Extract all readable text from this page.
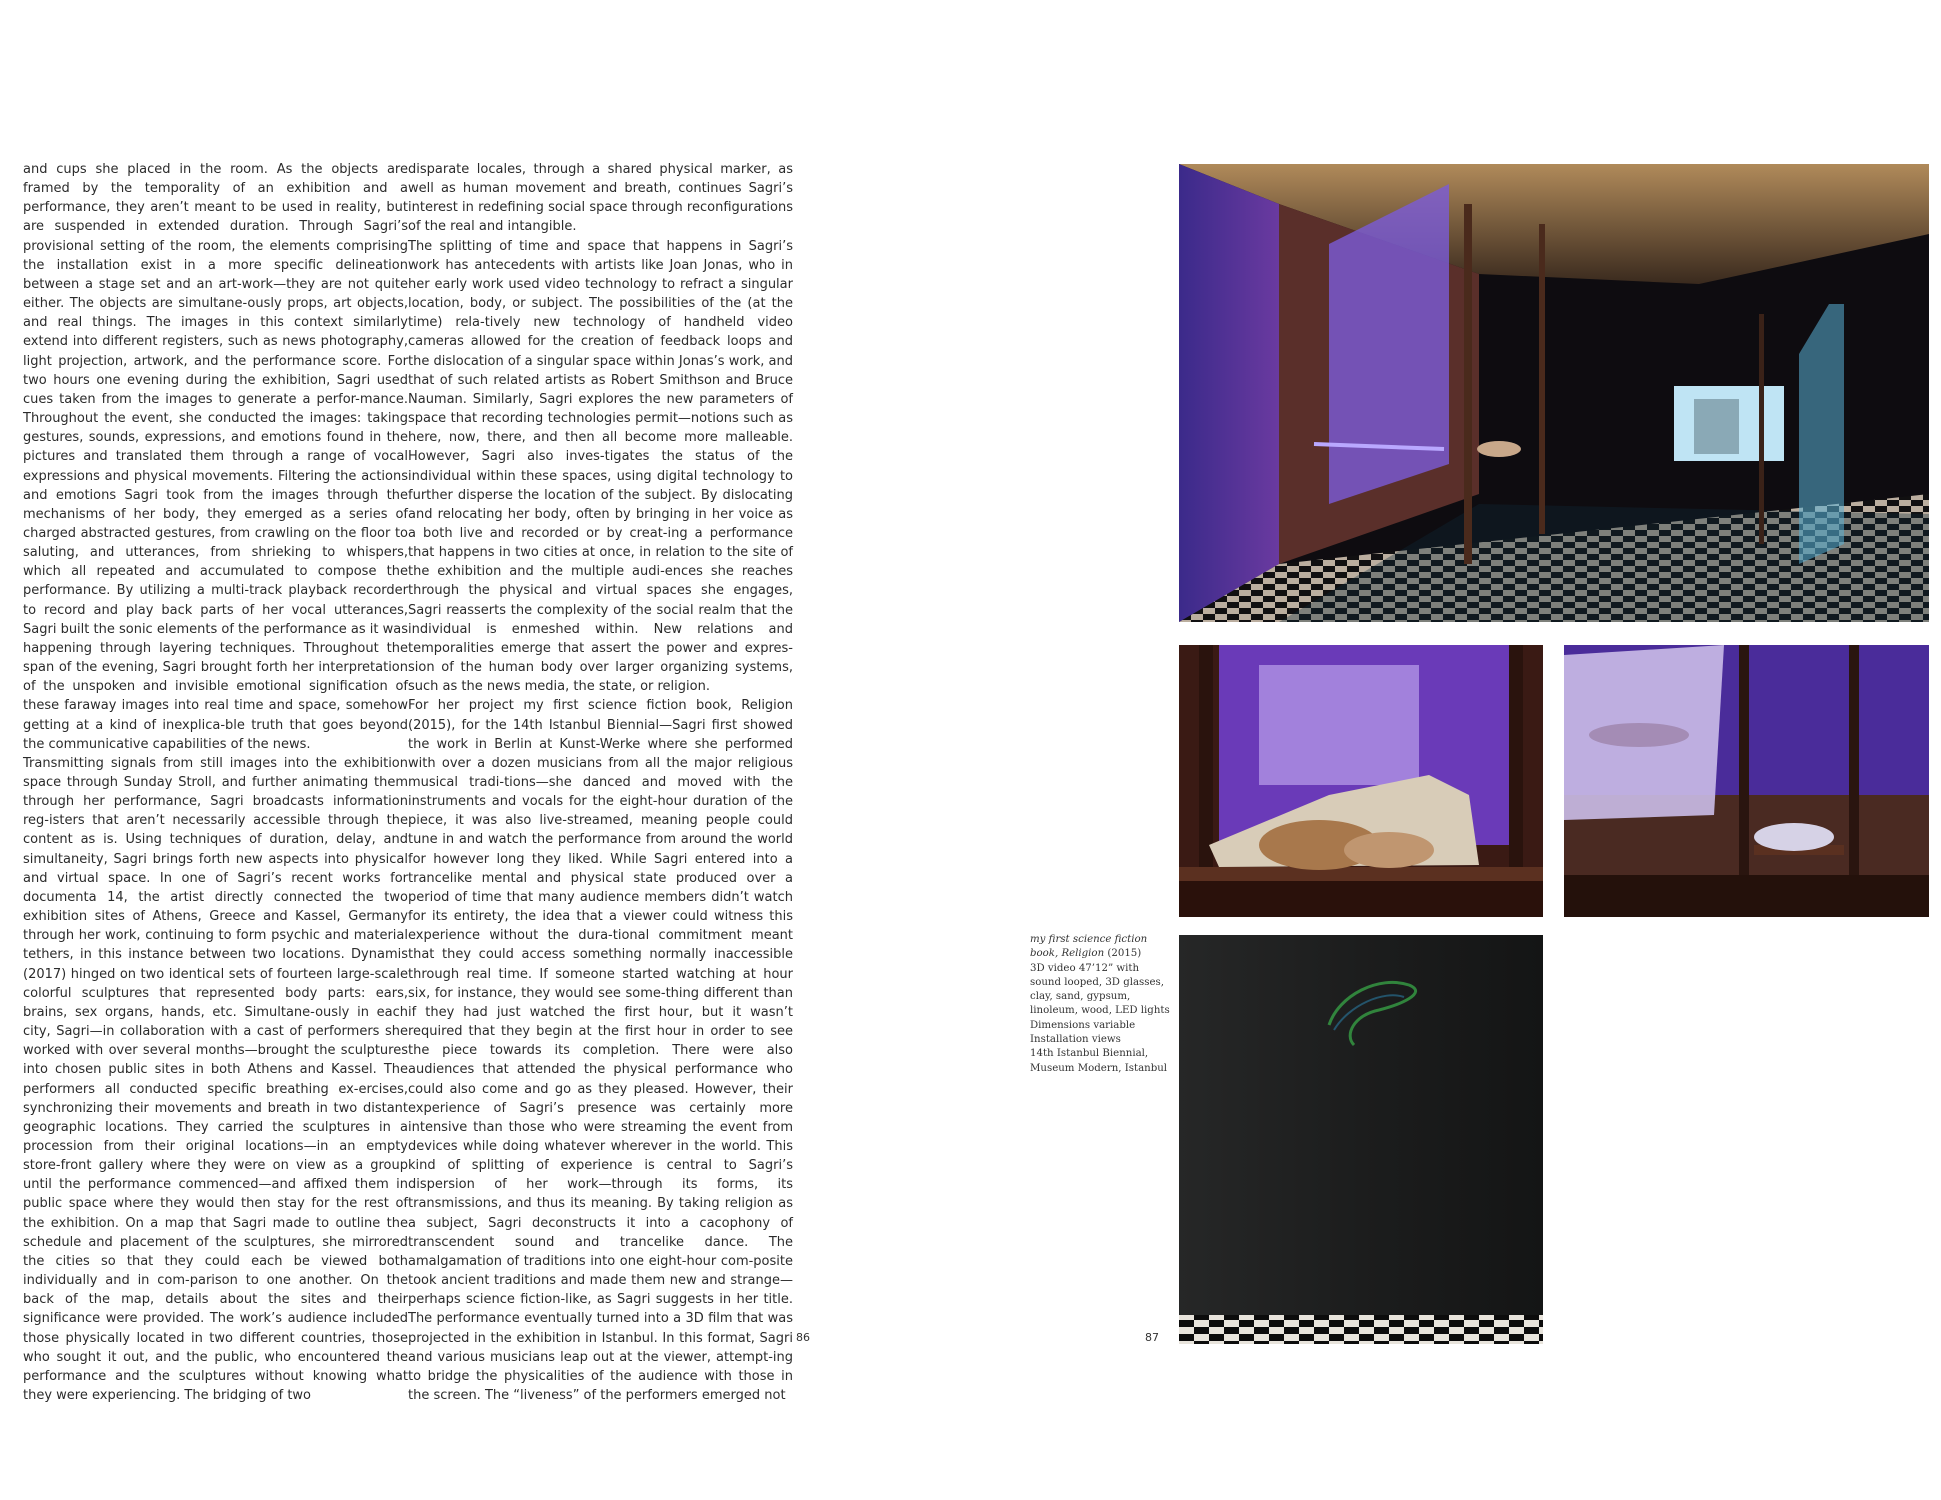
and cups she placed in the room. As the objects are framed by the temporality of an exhibition and a performance, they aren’t meant to be used in reality, but are suspended in extended duration. Through Sagri’s provisional setting of the room, the elements comprising the installation exist in a more specific delineation between a stage set and an art-work—they are not quite either. The objects are simultane-ously props, art objects, and real things. The images in this context similarly extend into different registers, such as news photography, light projection, artwork, and the performance score. For two hours one evening during the exhibition, Sagri used cues taken from the images to generate a perfor-mance. Throughout the event, she conducted the images: taking gestures, sounds, expressions, and emotions found in the pictures and translated them through a range of vocal expressions and physical movements. Filtering the actions and emotions Sagri took from the images through the mechanisms of her body, they emerged as a series of charged abstracted gestures, from crawling on the floor to saluting, and utterances, from shrieking to whispers, which all repeated and accumulated to compose the performance. By utilizing a multi-track playback recorder to record and play back parts of her vocal utterances, Sagri built the sonic elements of the performance as it was happening through layering techniques. Throughout the span of the evening, Sagri brought forth her interpretation of the unspoken and invisible emotional signification of these faraway images into real time and space, somehow getting at a kind of inexplica-ble truth that goes beyond the communicative capabilities of the news.

Transmitting signals from still images into the exhibition space through Sunday Stroll, and further animating them through her performance, Sagri broadcasts information reg-isters that aren’t necessarily accessible through the content as is. Using techniques of duration, delay, and simultaneity, Sagri brings forth new aspects into physical and virtual space. In one of Sagri’s recent works for documenta 14, the artist directly connected the two exhibition sites of Athens, Greece and Kassel, Germany through her work, continuing to form psychic and material tethers, in this instance between two locations. Dynamis (2017) hinged on two identical sets of fourteen large-scale colorful sculptures that represented body parts: ears, brains, sex organs, hands, etc. Simultane-ously in each city, Sagri—in collaboration with a cast of performers she worked with over several months—brought the sculptures into chosen public sites in both Athens and Kassel. The performers all conducted specific breathing ex-ercises, synchronizing their movements and breath in two distant geographic locations. They carried the sculptures in a procession from their original locations—in an empty store-front gallery where they were on view as a group until the performance commenced—and affixed them in public space where they would then stay for the rest of the exhibition. On a map that Sagri made to outline the schedule and placement of the sculptures, she mirrored the cities so that they could each be viewed both individually and in com-parison to one another. On the back of the map, details about the sites and their significance were provided. The work’s audience included those physically located in two different countries, those who sought it out, and the public, who encountered the performance and the sculptures without knowing what they were experiencing. The bridging of two

disparate locales, through a shared physical marker, as well as human movement and breath, continues Sagri’s interest in redefining social space through reconfigurations of the real and intangible.

The splitting of time and space that happens in Sagri’s work has antecedents with artists like Joan Jonas, who in her early work used video technology to refract a singular location, body, or subject. The possibilities of the (at the time) rela-tively new technology of handheld video cameras allowed for the creation of feedback loops and the dislocation of a singular space within Jonas’s work, and that of such related artists as Robert Smithson and Bruce Nauman. Similarly, Sagri explores the new parameters of space that recording technologies permit—notions such as here, now, there, and then all become more malleable. However, Sagri also inves-tigates the status of the individual within these spaces, using digital technology to further disperse the location of the subject. By dislocating and relocating her body, often by bringing in her voice as a both live and recorded or by creat-ing a performance that happens in two cities at once, in relation to the site of the exhibition and the multiple audi-ences she reaches through the physical and virtual spaces she engages, Sagri reasserts the complexity of the social realm that the individual is enmeshed within. New relations and temporalities emerge that assert the power and expres-sion of the human body over larger organizing systems, such as the news media, the state, or religion.

For her project my first science fiction book, Religion (2015), for the 14th Istanbul Biennial—Sagri first showed the work in Berlin at Kunst-Werke where she performed with over a dozen musicians from all the major religious musical tradi-tions—she danced and moved with the instruments and vocals for the eight-hour duration of the piece, it was also live-streamed, meaning people could tune in and watch the performance from around the world for however long they liked. While Sagri entered into a trancelike mental and physical state produced over a period of time that many audience members didn’t watch for its entirety, the idea that a viewer could witness this experience without the dura-tional commitment meant that they could access something normally inaccessible through real time. If someone started watching at hour six, for instance, they would see some-thing different than if they had just watched the first hour, but it wasn’t required that they begin at the first hour in order to see the piece towards its completion. There were also audiences that attended the physical performance who could also come and go as they pleased. However, their experience of Sagri’s presence was certainly more intensive than those who were streaming the event from devices while doing whatever wherever in the world. This kind of splitting of experience is central to Sagri’s dispersion of her work—through its forms, its transmissions, and thus its meaning. By taking religion as a subject, Sagri deconstructs it into a cacophony of transcendent sound and trancelike dance. The amalgamation of traditions into one eight-hour com-posite took ancient traditions and made them new and strange—perhaps science fiction-like, as Sagri suggests in her title. The performance eventually turned into a 3D film that was projected in the exhibition in Istanbul. In this format, Sagri and various musicians leap out at the viewer, attempt-ing to bridge the physicalities of the audience with those in the screen. The “liveness” of the performers emerged not

86	87
my first science fiction book, Religion (2015)
3D video 47’12” with sound looped, 3D glasses, clay, sand, gypsum, linoleum, wood, LED lights
Dimensions variable
Installation views
14th Istanbul Biennial, Museum Modern, Istanbul
